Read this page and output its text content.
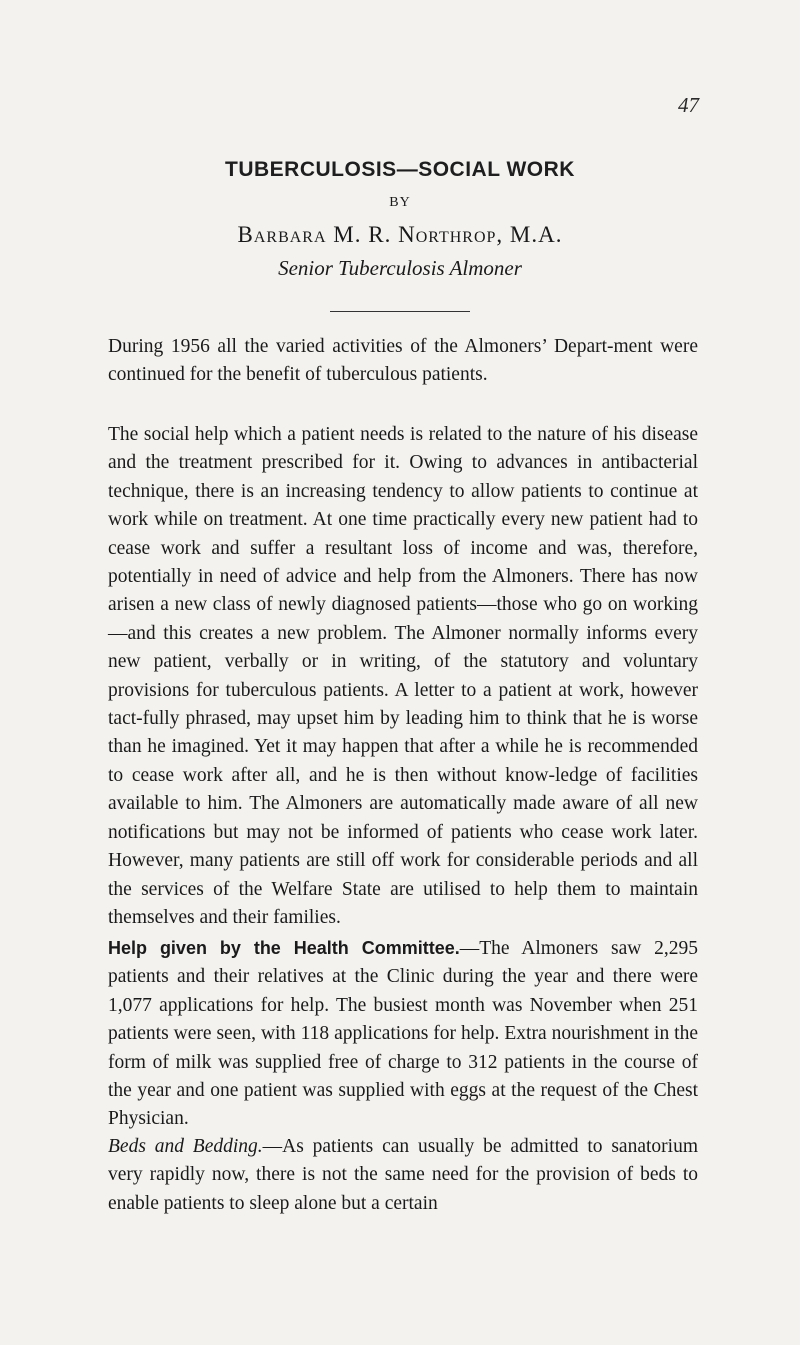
47
TUBERCULOSIS—SOCIAL WORK
BY
Barbara M. R. Northrop, M.A.
Senior Tuberculosis Almoner

During 1956 all the varied activities of the Almoners’ Depart-ment were continued for the benefit of tuberculous patients.

The social help which a patient needs is related to the nature of his disease and the treatment prescribed for it. Owing to advances in antibacterial technique, there is an increasing tendency to allow patients to continue at work while on treatment. At one time practically every new patient had to cease work and suffer a resultant loss of income and was, therefore, potentially in need of advice and help from the Almoners. There has now arisen a new class of newly diagnosed patients—those who go on working—and this creates a new problem. The Almoner normally informs every new patient, verbally or in writing, of the statutory and voluntary provisions for tuberculous patients. A letter to a patient at work, however tact-fully phrased, may upset him by leading him to think that he is worse than he imagined. Yet it may happen that after a while he is recommended to cease work after all, and he is then without know-ledge of facilities available to him. The Almoners are automatically made aware of all new notifications but may not be informed of patients who cease work later. However, many patients are still off work for considerable periods and all the services of the Welfare State are utilised to help them to maintain themselves and their families.

Help given by the Health Committee.—The Almoners saw 2,295 patients and their relatives at the Clinic during the year and there were 1,077 applications for help. The busiest month was November when 251 patients were seen, with 118 applications for help. Extra nourishment in the form of milk was supplied free of charge to 312 patients in the course of the year and one patient was supplied with eggs at the request of the Chest Physician.

Beds and Bedding.—As patients can usually be admitted to sanatorium very rapidly now, there is not the same need for the provision of beds to enable patients to sleep alone but a certain
